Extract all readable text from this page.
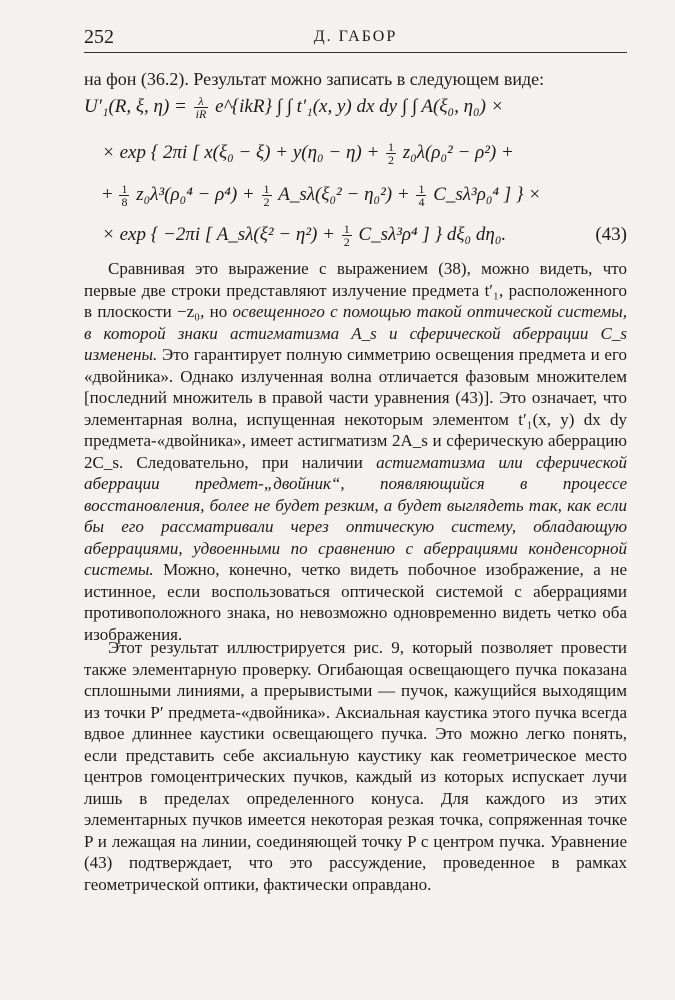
252	Д. ГАБОР

на фон (36.2). Результат можно записать в следующем виде:

U′₁(R, ξ, $\eta) = \frac{\lambda}{iR}$ e^{ikR} ∫ ∫ t′₁(x, y) dx dy ∫ ∫ A(ξ₀, η₀) ×
× exp { 2πi [ $x(\xi_0 - \xi) + y(\eta_0 - \eta) + \frac{1}{2} z_0\lambda(\rho_0^2 - \rho^2)$ +
+ $\frac{1}{8} z_0\lambda^3(\rho_0^4 - \rho^4) + \frac{1}{2}$ A_sλ(ξ₀² − $\eta_0^2) + \frac{1}{4}$ C_sλ³ρ₀⁴ ] } ×
× exp { −2πi [ A_sλ(ξ² − $\eta^2) + \frac{1}{2}$ C_sλ³ρ⁴ ] } dξ₀ dη₀.	(43)

Сравнивая это выражение с выражением (38), можно видеть, что первые две строки представляют излучение предмета t′₁, расположенного в плоскости −z₀, но освещенного с помощью такой оптической системы, в которой знаки астигматизма A_s и сферической аберрации C_s изменены. Это гарантирует полную симметрию освещения предмета и его «двойника». Однако излученная волна отличается фазовым множителем [последний множитель в правой части уравнения (43)]. Это означает, что элементарная волна, испущенная некоторым элементом t′₁(x, y) dx dy предмета-«двойника», имеет астигматизм 2A_s и сферическую аберрацию 2C_s. Следовательно, при наличии астигматизма или сферической аберрации предмет-„двойник“, появляющийся в процессе восстановления, более не будет резким, а будет выглядеть так, как если бы его рассматривали через оптическую систему, обладающую аберрациями, удвоенными по сравнению с аберрациями конденсорной системы. Можно, конечно, четко видеть побочное изображение, а не истинное, если воспользоваться оптической системой с аберрациями противоположного знака, но невозможно одновременно видеть четко оба изображения.

Этот результат иллюстрируется рис. 9, который позволяет провести также элементарную проверку. Огибающая освещающего пучка показана сплошными линиями, а прерывистыми — пучок, кажущийся выходящим из точки P′ предмета-«двойника». Аксиальная каустика этого пучка всегда вдвое длиннее каустики освещающего пучка. Это можно легко понять, если представить себе аксиальную каустику как геометрическое место центров гомоцентрических пучков, каждый из которых испускает лучи лишь в пределах определенного конуса. Для каждого из этих элементарных пучков имеется некоторая резкая точка, сопряженная точке P и лежащая на линии, соединяющей точку P с центром пучка. Уравнение (43) подтверждает, что это рассуждение, проведенное в рамках геометрической оптики, фактически оправдано.
